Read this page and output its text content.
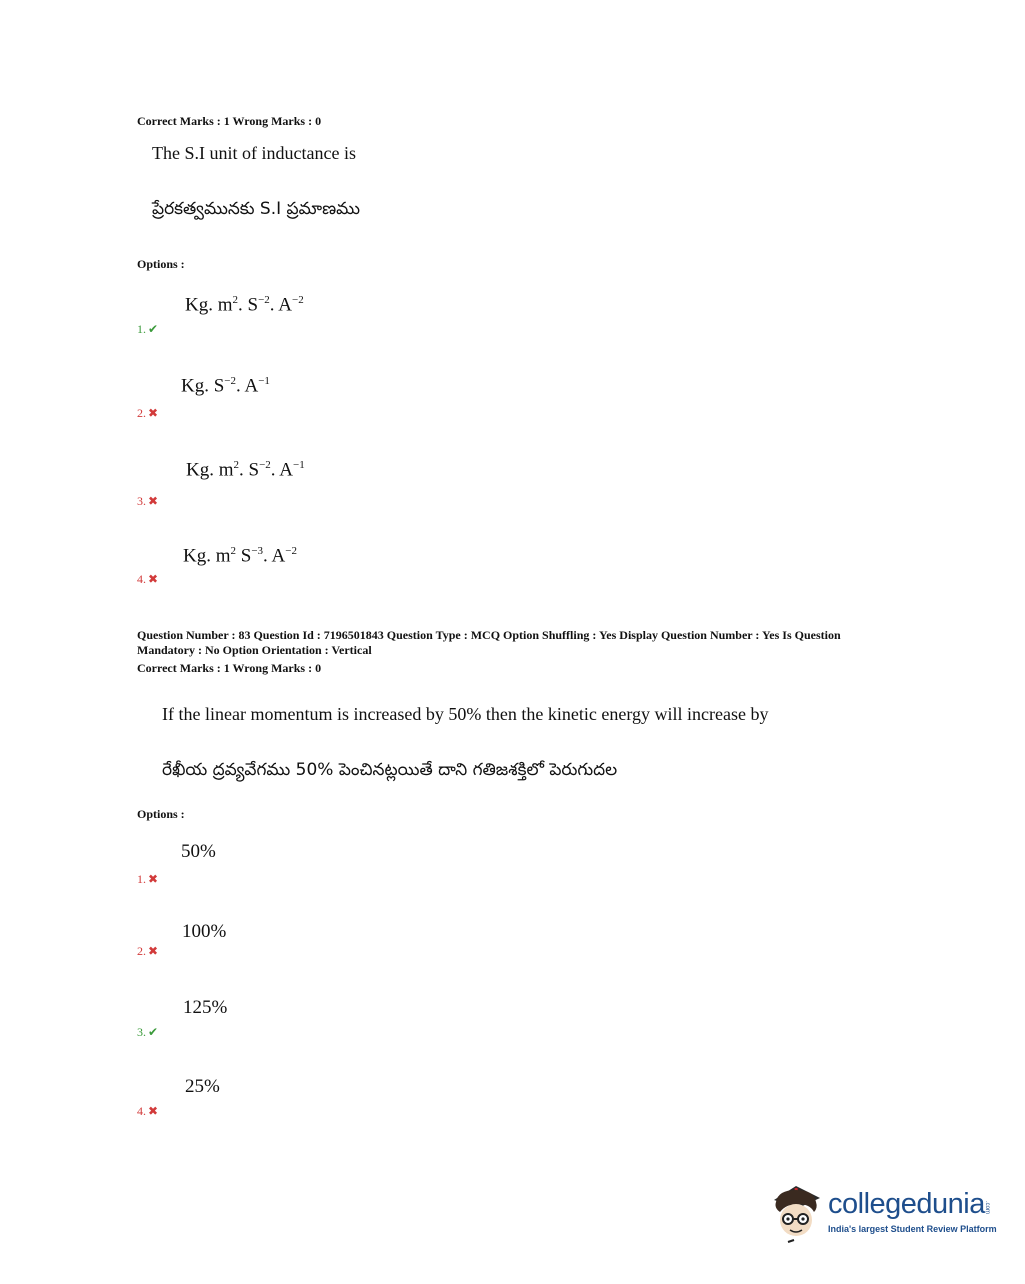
Correct Marks : 1 Wrong Marks : 0
The S.I unit of inductance is
ప్రేరకత్వమునకు S.I ప్రమాణము
Options :
Kg. $m^2$. $S^{-2}$. $A^{-2}$
1. ✔
Kg. $S^{-2}$. $A^{-1}$
2. ✖
Kg. $m^2$. $S^{-2}$. $A^{-1}$
3. ✖
Kg. $m^2$ $S^{-3}$. $A^{-2}$
4. ✖
Question Number : 83 Question Id : 7196501843 Question Type : MCQ Option Shuffling : Yes Display Question Number : Yes Is Question
Mandatory : No Option Orientation : Vertical
Correct Marks : 1 Wrong Marks : 0
If the linear momentum is increased by 50% then the kinetic energy will increase by
రేఖీయ ద్రవ్యవేగము 50% పెంచినట్లయితే దాని గతిజశక్తిలో పెరుగుదల
Options :
50%
1. ✖
100%
2. ✖
125%
3. ✔
25%
4. ✖
collegedunia .com
India's largest Student Review Platform
